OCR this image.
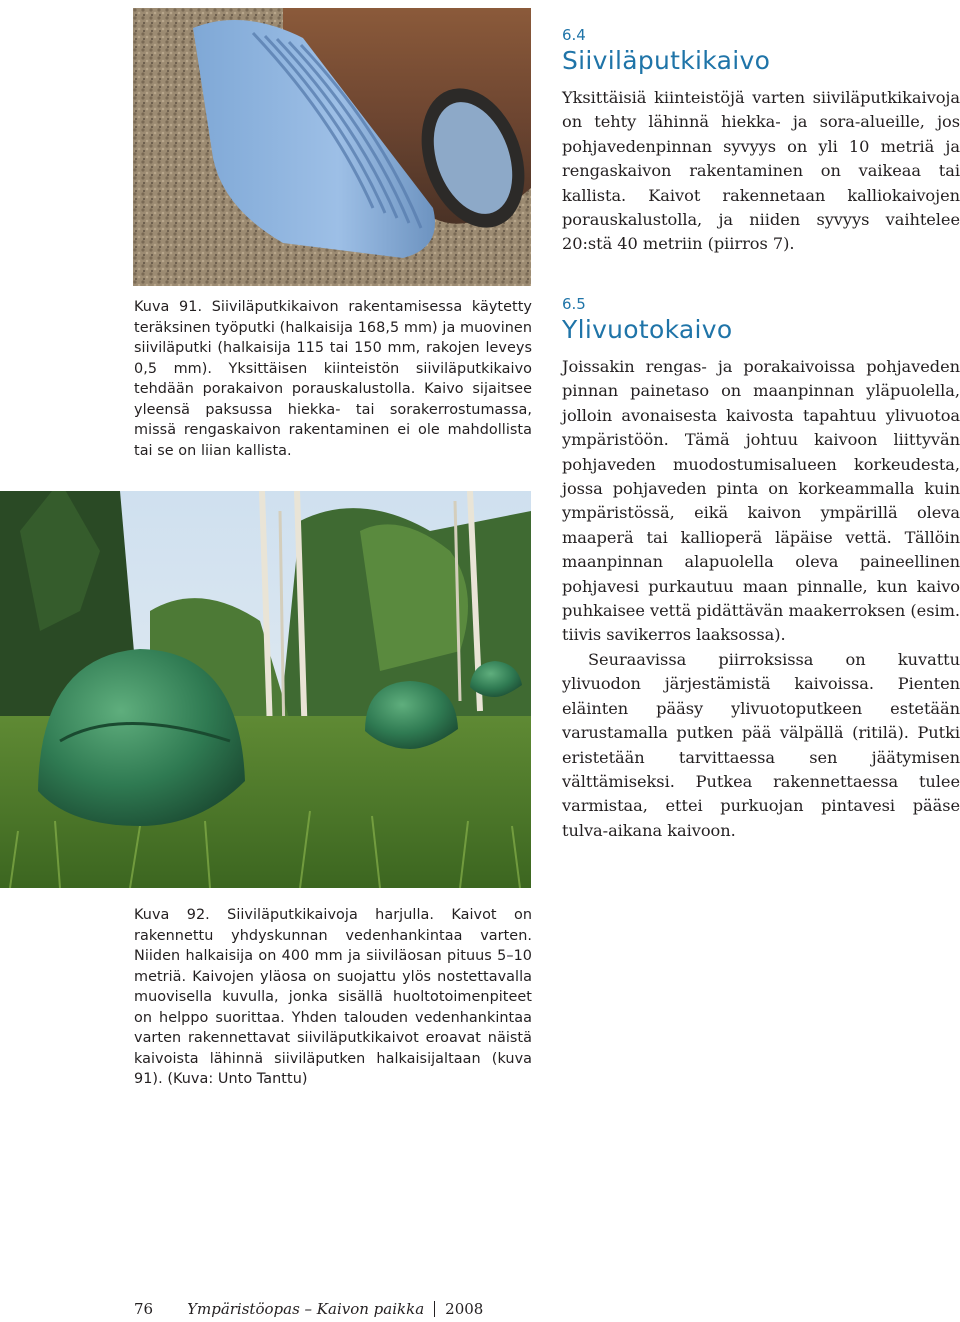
Kuva 91. Siiviläputkikaivon rakentamisessa käytetty teräksinen työputki (halkaisija 168,5 mm) ja muovinen siiviläputki (halkaisija 115 tai 150 mm, rakojen leveys 0,5 mm). Yksittäisen kiinteistön siiviläputkikaivo tehdään porakaivon porauskalustolla. Kaivo sijaitsee yleensä paksussa hiekka- tai sorakerrostumassa, missä rengaskaivon rakentaminen ei ole mahdollista tai se on liian kallista.

Kuva 92. Siiviläputkikaivoja harjulla. Kaivot on rakennettu yhdyskunnan vedenhankintaa varten. Niiden halkaisija on 400 mm ja siiviläosan pituus 5–10 metriä. Kaivojen yläosa on suojattu ylös nostettavalla muovisella kuvulla, jonka sisällä huoltotoimenpiteet on helppo suorittaa. Yhden talouden vedenhankintaa varten rakennettavat siiviläputkikaivot eroavat näistä kaivoista lähinnä siiviläputken halkaisijaltaan (kuva 91). (Kuva: Unto Tanttu)

6.4
Siiviläputkikaivo

Yksittäisiä kiinteistöjä varten siiviläputkikaivoja on tehty lähinnä hiekka- ja sora-alueille, jos pohjavedenpinnan syvyys on yli 10 metriä ja rengaskaivon rakentaminen on vaikeaa tai kallista. Kaivot rakennetaan kalliokaivojen porauskalustolla, ja niiden syvyys vaihtelee 20:stä 40 metriin (piirros 7).

6.5
Ylivuotokaivo

Joissakin rengas- ja porakaivoissa pohjaveden pinnan painetaso on maanpinnan yläpuolella, jolloin avonaisesta kaivosta tapahtuu ylivuotoa ympäristöön. Tämä johtuu kaivoon liittyvän pohjaveden muodostumisalueen korkeudesta, jossa pohjaveden pinta on korkeammalla kuin ympäristössä, eikä kaivon ympärillä oleva maaperä tai kallioperä läpäise vettä. Tällöin maanpinnan alapuolella oleva paineellinen pohjavesi purkautuu maan pinnalle, kun kaivo puhkaisee vettä pidättävän maakerroksen (esim. tiivis savikerros laaksossa).

Seuraavissa piirroksissa on kuvattu ylivuodon järjestämistä kaivoissa. Pienten eläinten pääsy ylivuotoputkeen estetään varustamalla putken pää välpällä (ritilä). Putki eristetään tarvittaessa sen jäätymisen välttämiseksi. Putkea rakennettaessa tulee varmistaa, ettei purkuojan pintavesi pääse tulva-aikana kaivoon.

76 Ympäristöopas – Kaivon paikka 2008
